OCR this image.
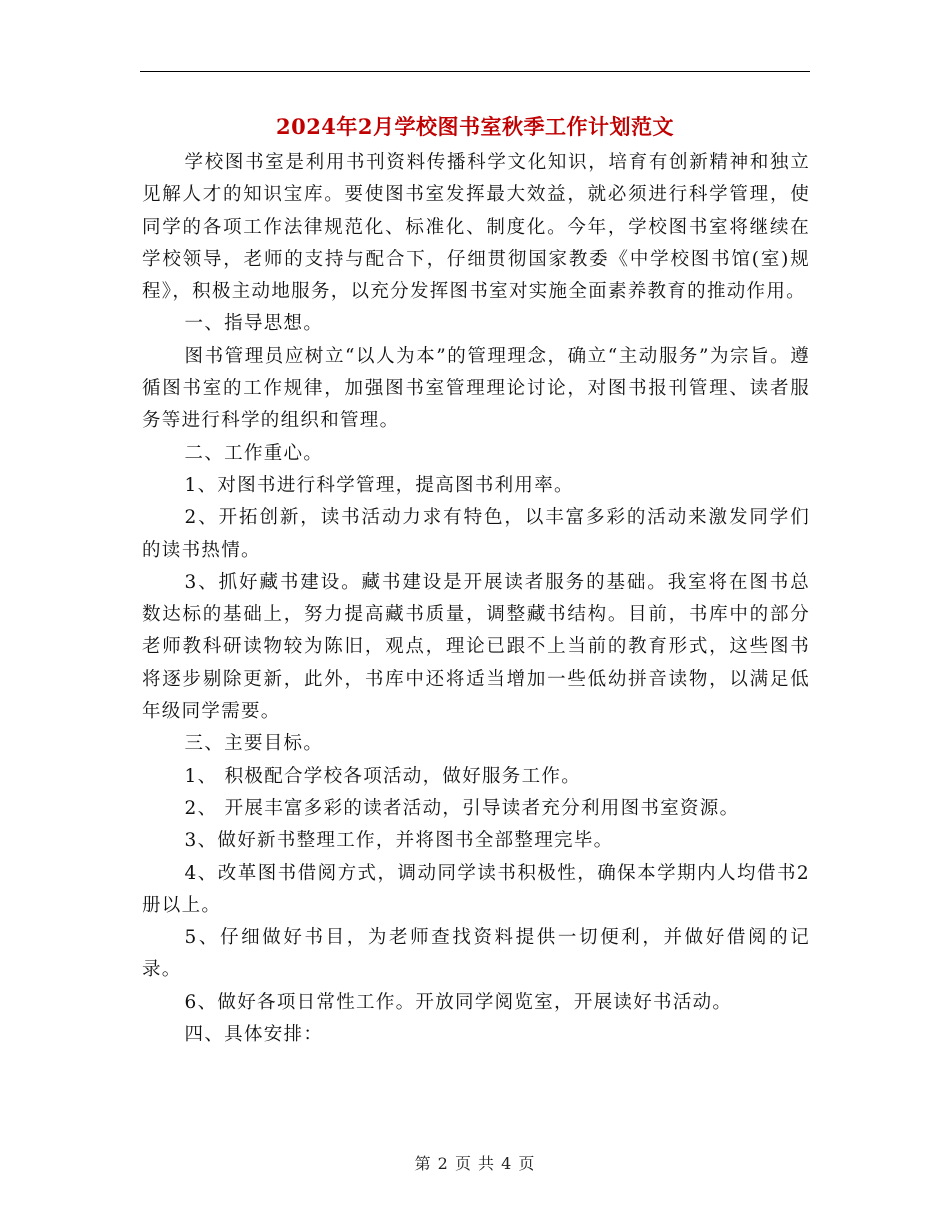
2024年2月学校图书室秋季工作计划范文

学校图书室是利用书刊资料传播科学文化知识，培育有创新精神和独立见解人才的知识宝库。要使图书室发挥最大效益，就必须进行科学管理，使同学的各项工作法律规范化、标准化、制度化。今年，学校图书室将继续在学校领导，老师的支持与配合下，仔细贯彻国家教委《中学校图书馆(室)规程》，积极主动地服务，以充分发挥图书室对实施全面素养教育的推动作用。

一、指导思想。

图书管理员应树立“以人为本”的管理理念，确立“主动服务”为宗旨。遵循图书室的工作规律，加强图书室管理理论讨论，对图书报刊管理、读者服务等进行科学的组织和管理。

二、工作重心。

1、对图书进行科学管理，提高图书利用率。

2、开拓创新，读书活动力求有特色，以丰富多彩的活动来激发同学们的读书热情。

3、抓好藏书建设。藏书建设是开展读者服务的基础。我室将在图书总数达标的基础上，努力提高藏书质量，调整藏书结构。目前，书库中的部分老师教科研读物较为陈旧，观点，理论已跟不上当前的教育形式，这些图书将逐步剔除更新，此外，书库中还将适当增加一些低幼拼音读物，以满足低年级同学需要。

三、主要目标。

1、 积极配合学校各项活动，做好服务工作。

2、 开展丰富多彩的读者活动，引导读者充分利用图书室资源。

3、做好新书整理工作，并将图书全部整理完毕。

4、改革图书借阅方式，调动同学读书积极性，确保本学期内人均借书2册以上。

5、仔细做好书目，为老师查找资料提供一切便利，并做好借阅的记录。

6、做好各项日常性工作。开放同学阅览室，开展读好书活动。

四、具体安排：

第 2 页 共 4 页
